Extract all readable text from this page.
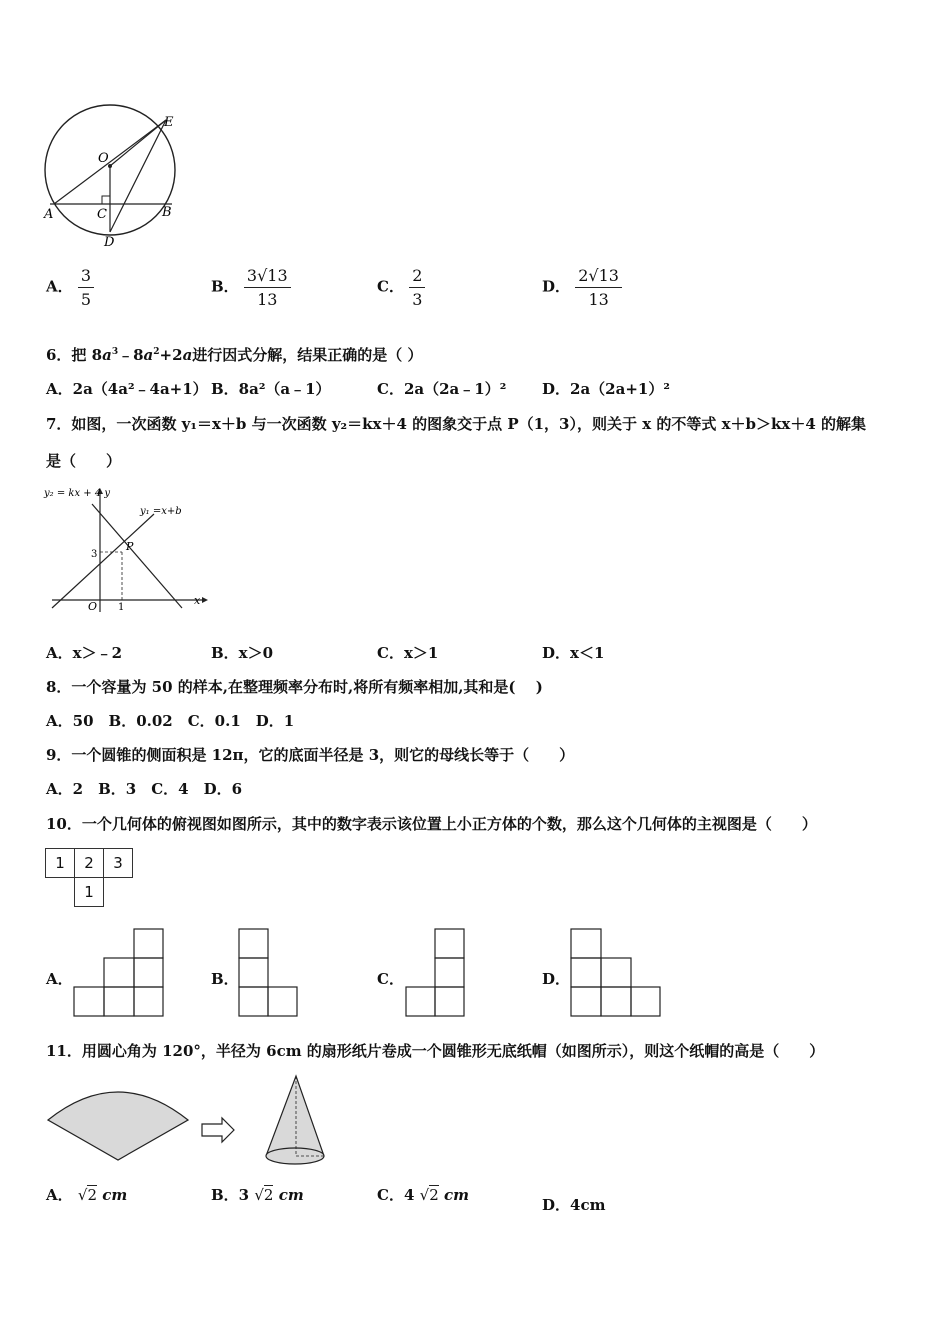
O
E
A	C	B
D
A． $\frac{3}{5}$	B． $\frac{3√13}{13}$	C． $\frac{2}{3}$	D． $\frac{2√13}{13}$
6．把 $8a^3﹣8a^2+2a$进行因式分解，结果正确的是（ ）
A．2a（4a²﹣4a+1） B．8a²（a﹣1）	C．2a（2a﹣1）² D．2a（2a+1）²
7．如图，一次函数 y₁＝x＋b 与一次函数 y₂＝kx＋4 的图象交于点 P（1，3），则关于 x 的不等式 x＋b＞kx＋4 的解集
是（　　）
y₂ = kx + 4 y
y₁ =x+b
3
P
O 1
x
A．x＞﹣2	B．x＞0	C．x＞1	D．x＜1
8．一个容量为 50 的样本,在整理频率分布时,将所有频率相加,其和是(　 )
A．50　B．0.02　C．0.1　D．1
9．一个圆锥的侧面积是 12π，它的底面半径是 3，则它的母线长等于（　　）
A．2　B．3　C．4　D．6
10．一个几何体的俯视图如图所示，其中的数字表示该位置上小正方体的个数，那么这个几何体的主视图是（　　）
1	2	3
	1	
A．	B．	C．	D．
11．用圆心角为 120°，半径为 6cm 的扇形纸片卷成一个圆锥形无底纸帽（如图所示），则这个纸帽的高是（　　）
A． √2 cm	B．3 √2 cm	C．4 √2 cm
D．4cm
